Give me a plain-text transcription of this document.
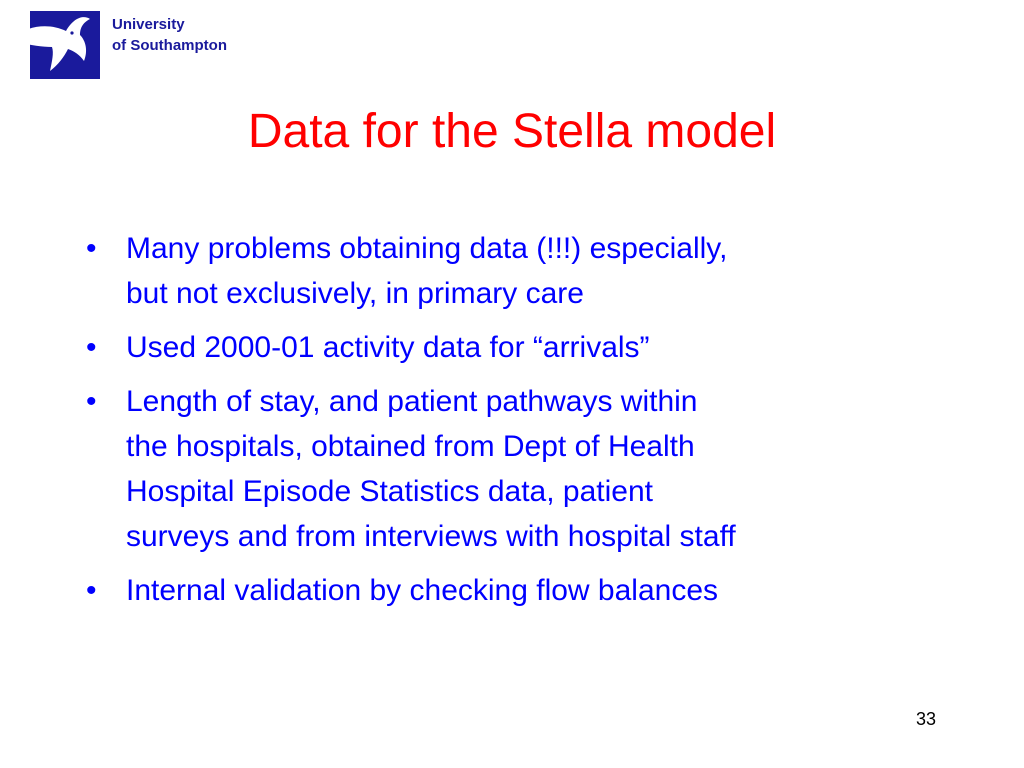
University
of Southampton
Data for the Stella model
• Many problems obtaining data (!!!) especially,
but not exclusively, in primary care
• Used 2000-01 activity data for “arrivals”
• Length of stay, and patient pathways within
the hospitals, obtained from Dept of Health
Hospital Episode Statistics data, patient
surveys and from interviews with hospital staff
• Internal validation by checking flow balances
33
